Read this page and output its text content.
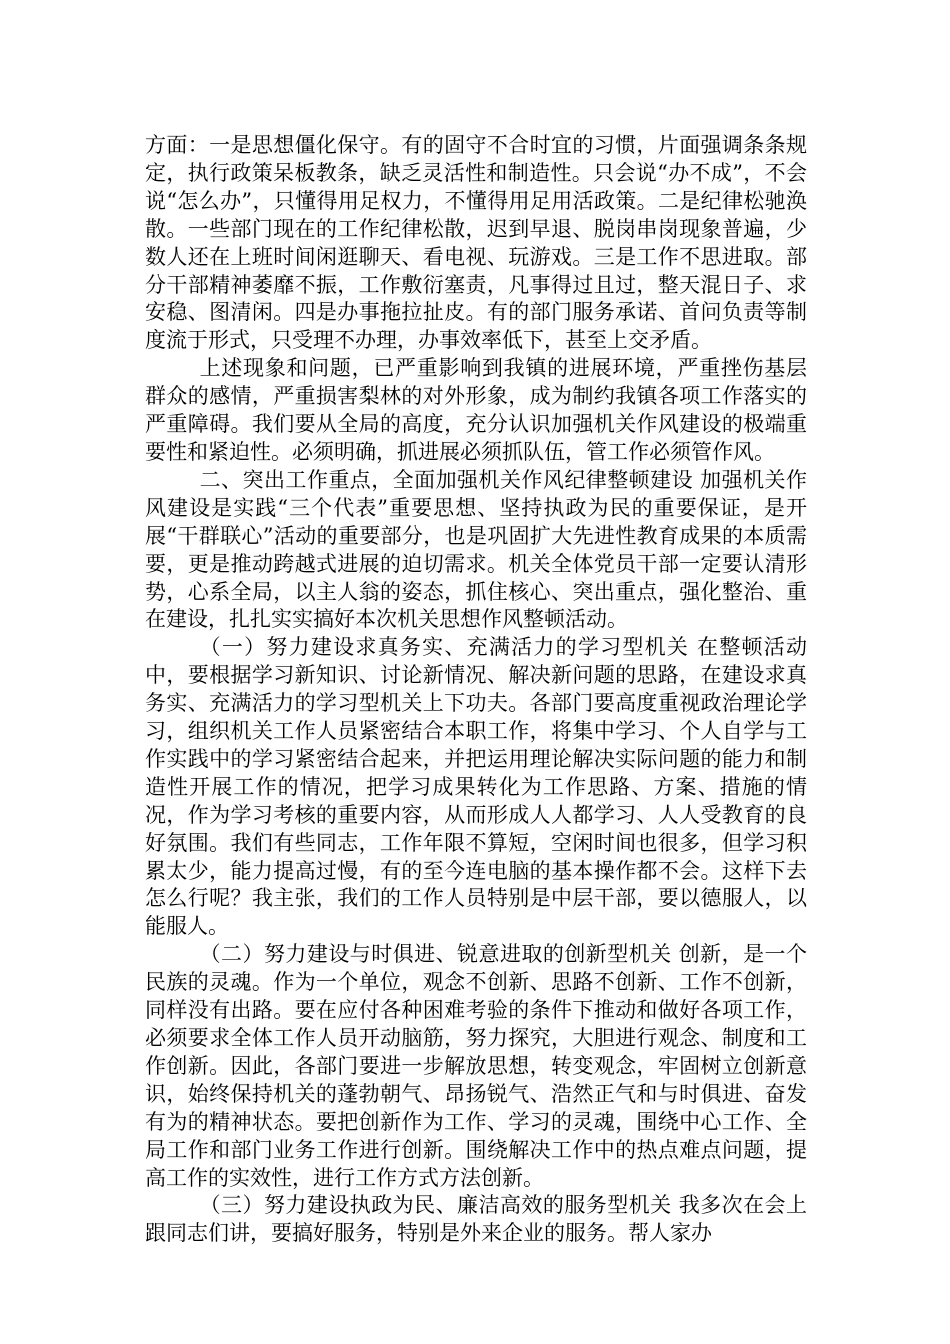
方面：一是思想僵化保守。有的固守不合时宜的习惯，片面强调条条规定，执行政策呆板教条，缺乏灵活性和制造性。只会说“办不成”，不会说“怎么办”，只懂得用足权力，不懂得用足用活政策。二是纪律松驰涣散。一些部门现在的工作纪律松散，迟到早退、脱岗串岗现象普遍，少数人还在上班时间闲逛聊天、看电视、玩游戏。三是工作不思进取。部分干部精神萎靡不振，工作敷衍塞责，凡事得过且过，整天混日子、求安稳、图清闲。四是办事拖拉扯皮。有的部门服务承诺、首问负责等制度流于形式，只受理不办理，办事效率低下，甚至上交矛盾。

上述现象和问题，已严重影响到我镇的进展环境，严重挫伤基层群众的感情，严重损害梨林的对外形象，成为制约我镇各项工作落实的严重障碍。我们要从全局的高度，充分认识加强机关作风建设的极端重要性和紧迫性。必须明确，抓进展必须抓队伍，管工作必须管作风。

二、突出工作重点，全面加强机关作风纪律整顿建设 加强机关作风建设是实践“三个代表”重要思想、坚持执政为民的重要保证，是开展“干群联心”活动的重要部分，也是巩固扩大先进性教育成果的本质需要，更是推动跨越式进展的迫切需求。机关全体党员干部一定要认清形势，心系全局，以主人翁的姿态，抓住核心、突出重点，强化整治、重在建设，扎扎实实搞好本次机关思想作风整顿活动。

（一）努力建设求真务实、充满活力的学习型机关 在整顿活动中，要根据学习新知识、讨论新情况、解决新问题的思路，在建设求真务实、充满活力的学习型机关上下功夫。各部门要高度重视政治理论学习，组织机关工作人员紧密结合本职工作，将集中学习、个人自学与工作实践中的学习紧密结合起来，并把运用理论解决实际问题的能力和制造性开展工作的情况，把学习成果转化为工作思路、方案、措施的情况，作为学习考核的重要内容，从而形成人人都学习、人人受教育的良好氛围。我们有些同志，工作年限不算短，空闲时间也很多，但学习积累太少，能力提高过慢，有的至今连电脑的基本操作都不会。这样下去怎么行呢？我主张，我们的工作人员特别是中层干部，要以德服人，以能服人。

（二）努力建设与时俱进、锐意进取的创新型机关 创新，是一个民族的灵魂。作为一个单位，观念不创新、思路不创新、工作不创新，同样没有出路。要在应付各种困难考验的条件下推动和做好各项工作，必须要求全体工作人员开动脑筋，努力探究，大胆进行观念、制度和工作创新。因此，各部门要进一步解放思想，转变观念，牢固树立创新意识，始终保持机关的蓬勃朝气、昂扬锐气、浩然正气和与时俱进、奋发有为的精神状态。要把创新作为工作、学习的灵魂，围绕中心工作、全局工作和部门业务工作进行创新。围绕解决工作中的热点难点问题，提高工作的实效性，进行工作方式方法创新。

（三）努力建设执政为民、廉洁高效的服务型机关 我多次在会上跟同志们讲，要搞好服务，特别是外来企业的服务。帮人家办
